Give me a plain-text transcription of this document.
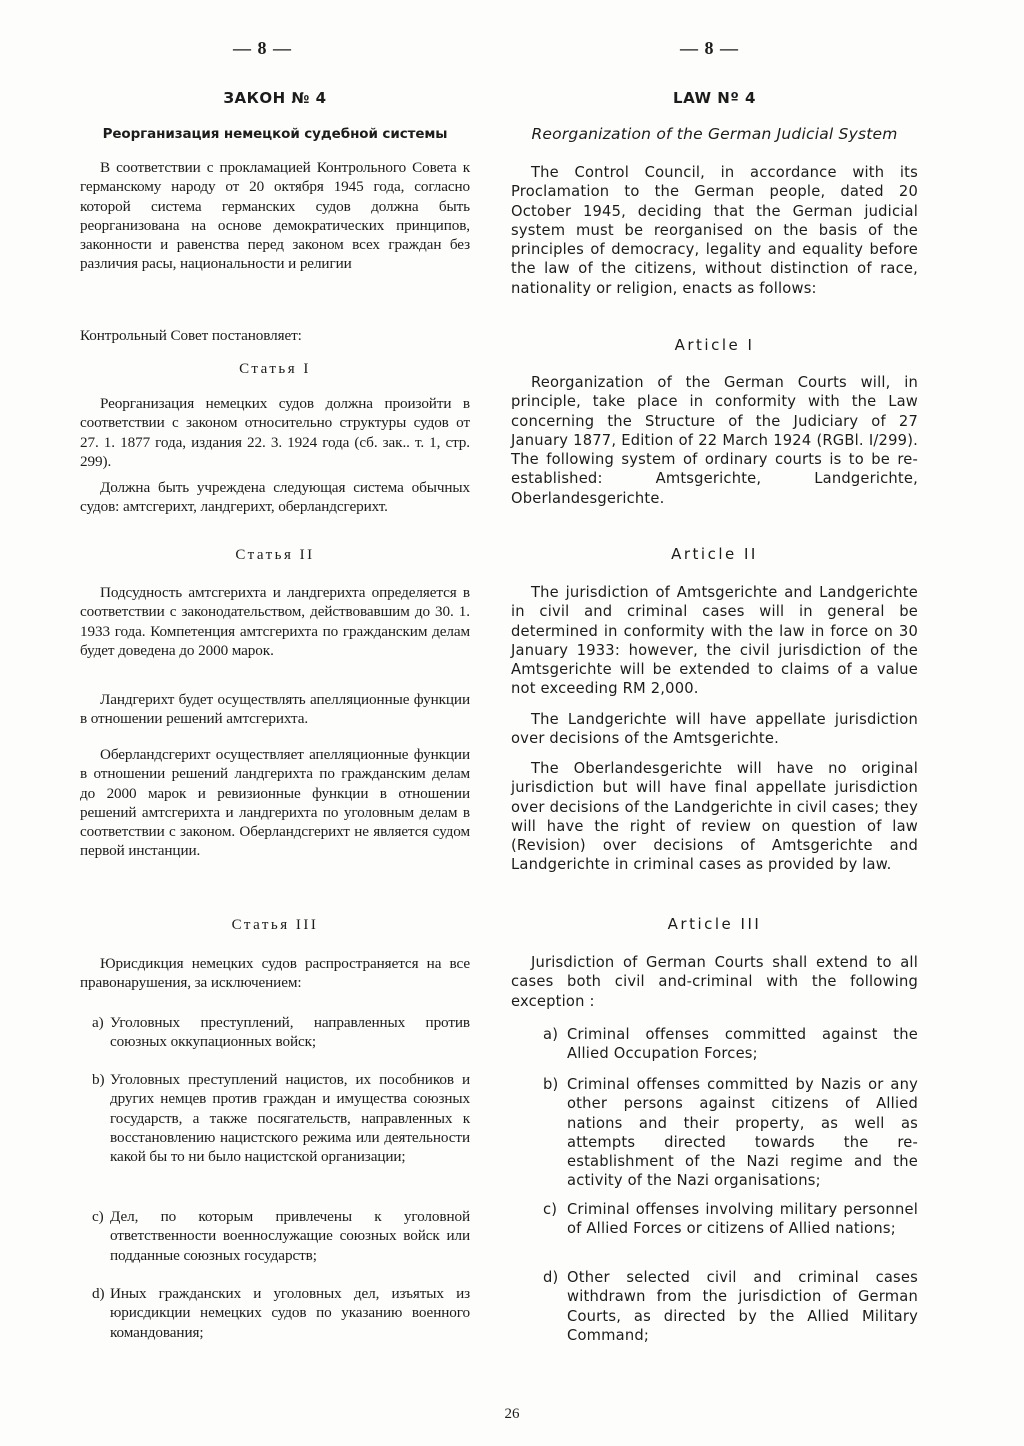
— 8 —	— 8 —
ЗАКОН № 4
Реорганизация немецкой судебной системы

В соответствии с прокламацией Контрольного Совета к германскому народу от 20 октября 1945 года, согласно которой система германских судов должна быть реорганизована на основе демократических принципов, законности и равенства перед законом всех граждан без различия расы, национальности и религии

Контрольный Совет постановляет:

Статья I

Реорганизация немецких судов должна произойти в соответствии с законом относительно структуры судов от 27. 1. 1877 года, издания 22. 3. 1924 года (сб. зак.. т. 1, стр. 299).

Должна быть учреждена следующая система обычных судов: амтсгерихт, ландгерихт, оберландсгерихт.

Статья II

Подсудность амтсгерихта и ландгерихта определяется в соответствии с законодательством, действовавшим до 30. 1. 1933 года. Компетенция амтсгерихта по гражданским делам будет доведена до 2000 марок.

Ландгерихт будет осуществлять апелляционные функции в отношении решений амтсгерихта.

Оберландсгерихт осуществляет апелляционные функции в отношении решений ландгерихта по гражданским делам до 2000 марок и ревизионные функции в отношении решений амтсгерихта и ландгерихта по уголовным делам в соответствии с законом. Оберландсгерихт не является судом первой инстанции.

Статья III

Юрисдикция немецких судов распространяется на все правонарушения, за исключением:

a) Уголовных преступлений, направленных против союзных оккупационных войск;
b) Уголовных преступлений нацистов, их пособников и других немцев против граждан и имущества союзных государств, а также посягательств, направленных к восстановлению нацистского режима или деятельности какой бы то ни было нацистской организации;
c) Дел, по которым привлечены к уголовной ответственности военнослужащие союзных войск или подданные союзных государств;
d) Иных гражданских и уголовных дел, изъятых из юрисдикции немецких судов по указанию военного командования;
LAW Nº 4
Reorganization of the German Judicial System

The Control Council, in accordance with its Proclamation to the German people, dated 20 October 1945, deciding that the German judicial system must be reorganised on the basis of the principles of democracy, legality and equality before the law of the citizens, without distinction of race, nationality or religion, enacts as follows:

Article I

Reorganization of the German Courts will, in principle, take place in conformity with the Law concerning the Structure of the Judiciary of 27 January 1877, Edition of 22 March 1924 (RGBl. I/299). The following system of ordinary courts is to be re-established: Amtsgerichte, Landgerichte, Oberlandesgerichte.

Article II

The jurisdiction of Amtsgerichte and Landgerichte in civil and criminal cases will in general be determined in conformity with the law in force on 30 January 1933: however, the civil jurisdiction of the Amtsgerichte will be extended to claims of a value not exceeding RM 2,000.

The Landgerichte will have appellate jurisdiction over decisions of the Amtsgerichte.

The Oberlandesgerichte will have no original jurisdiction but will have final appellate jurisdiction over decisions of the Landgerichte in civil cases; they will have the right of review on question of law (Revision) over decisions of Amtsgerichte and Landgerichte in criminal cases as provided by law.

Article III

Jurisdiction of German Courts shall extend to all cases both civil and-criminal with the following exception :

a) Criminal offenses committed against the Allied Occupation Forces;
b) Criminal offenses committed by Nazis or any other persons against citizens of Allied nations and their property, as well as attempts directed towards the re-establishment of the Nazi regime and the activity of the Nazi organisations;
c) Criminal offenses involving military personnel of Allied Forces or citizens of Allied nations;
d) Other selected civil and criminal cases withdrawn from the jurisdiction of German Courts, as directed by the Allied Military Command;
26
